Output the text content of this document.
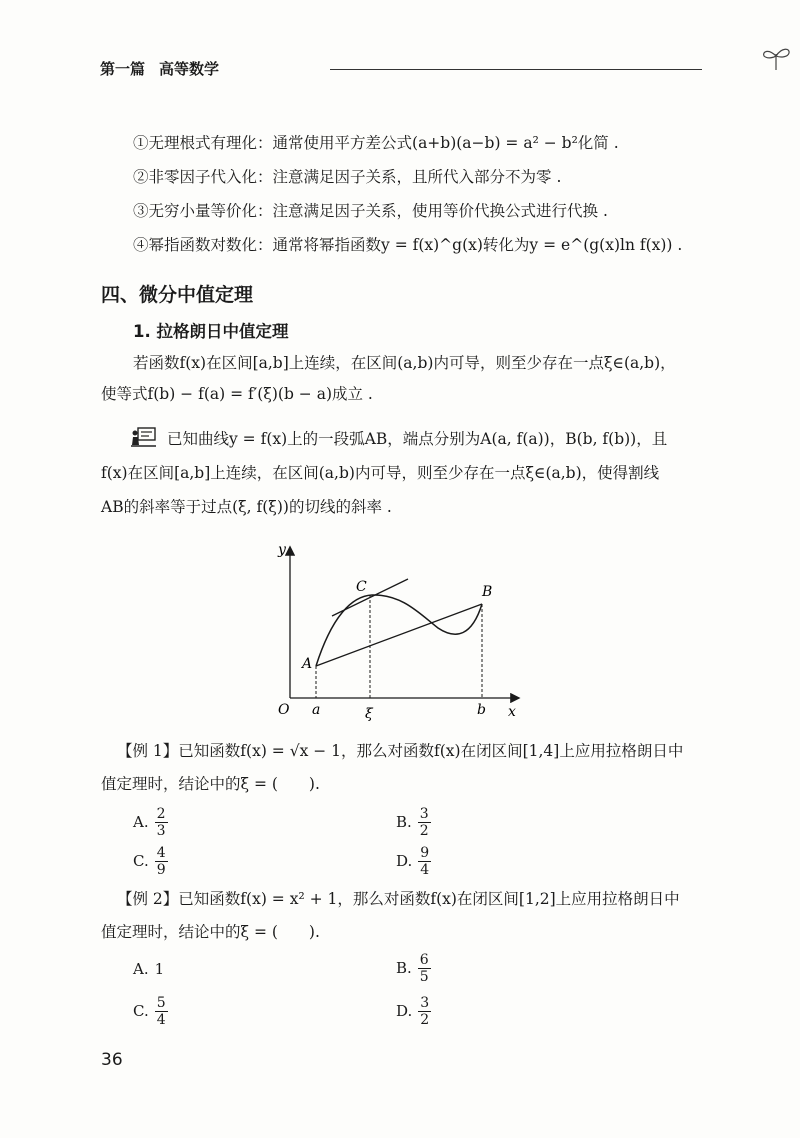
第一篇 高等数学
①无理根式有理化：通常使用平方差公式(a+b)(a−b) = a² − b²化简 .
②非零因子代入化：注意满足因子关系，且所代入部分不为零 .
③无穷小量等价化：注意满足因子关系，使用等价代换公式进行代换 .
④幂指函数对数化：通常将幂指函数y = f(x)^g(x)转化为y = e^(g(x)ln f(x)) .
四、微分中值定理
1. 拉格朗日中值定理
若函数f(x)在区间[a,b]上连续，在区间(a,b)内可导，则至少存在一点ξ∈(a,b)，
使等式f(b) − f(a) = f′(ξ)(b − a)成立 .
已知曲线y = f(x)上的一段弧AB，端点分别为A(a, f(a))，B(b, f(b))，且
f(x)在区间[a,b]上连续，在区间(a,b)内可导，则至少存在一点ξ∈(a,b)，使得割线
AB的斜率等于过点(ξ, f(ξ))的切线的斜率 .
y
x
O a	ξ	b
A
B
C
【例 1】已知函数f(x) = √x − 1，那么对函数f(x)在闭区间[1,4]上应用拉格朗日中
值定理时，结论中的ξ = (　　).
A. $\frac{2}{3}$	B. $\frac{3}{2}$
C. $\frac{4}{9}$	D. $\frac{9}{4}$
【例 2】已知函数f(x) = x² + 1，那么对函数f(x)在闭区间[1,2]上应用拉格朗日中
值定理时，结论中的ξ = (　　).
A. 1	B. $\frac{6}{5}$
C. $\frac{5}{4}$	D. $\frac{3}{2}$
36
